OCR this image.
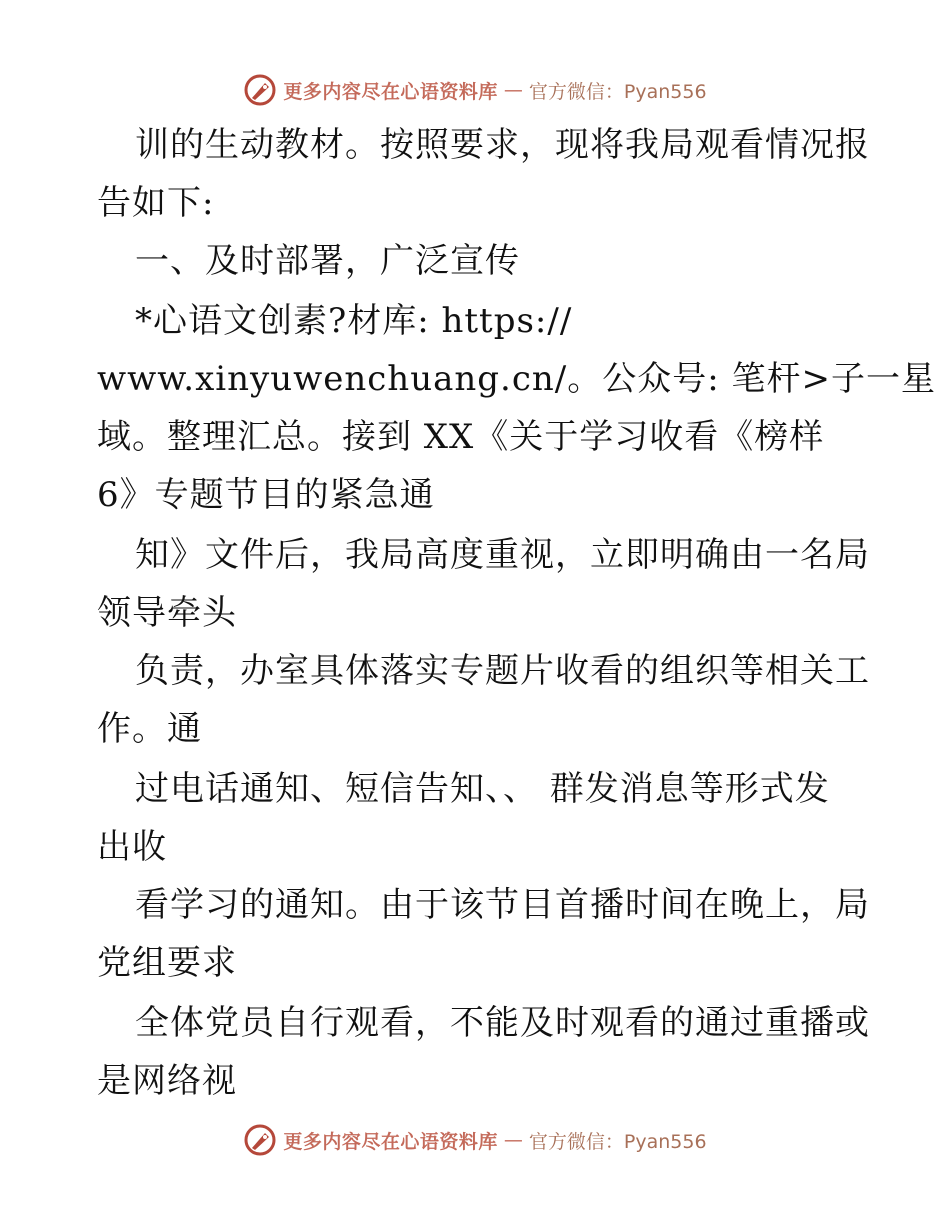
更多内容尽在心语资料库 — 官方微信：Pyan556
训的生动教材。按照要求，现将我局观看情况报
告如下:
一、及时部署，广泛宣传
*心语文创素?材库: https://
www.xinyuwenchuang.cn/。公众号: 笔杆>子一星
域。整理汇总。接到 XX《关于学习收看《榜样
6》专题节目的紧急通
知》文件后，我局高度重视，立即明确由一名局
领导牵头
负责，办室具体落实专题片收看的组织等相关工
作。通
过电话通知、短信告知、、 群发消息等形式发
出收
看学习的通知。由于该节目首播时间在晚上，局
党组要求
全体党员自行观看，不能及时观看的通过重播或
是网络视
更多内容尽在心语资料库 — 官方微信：Pyan556
